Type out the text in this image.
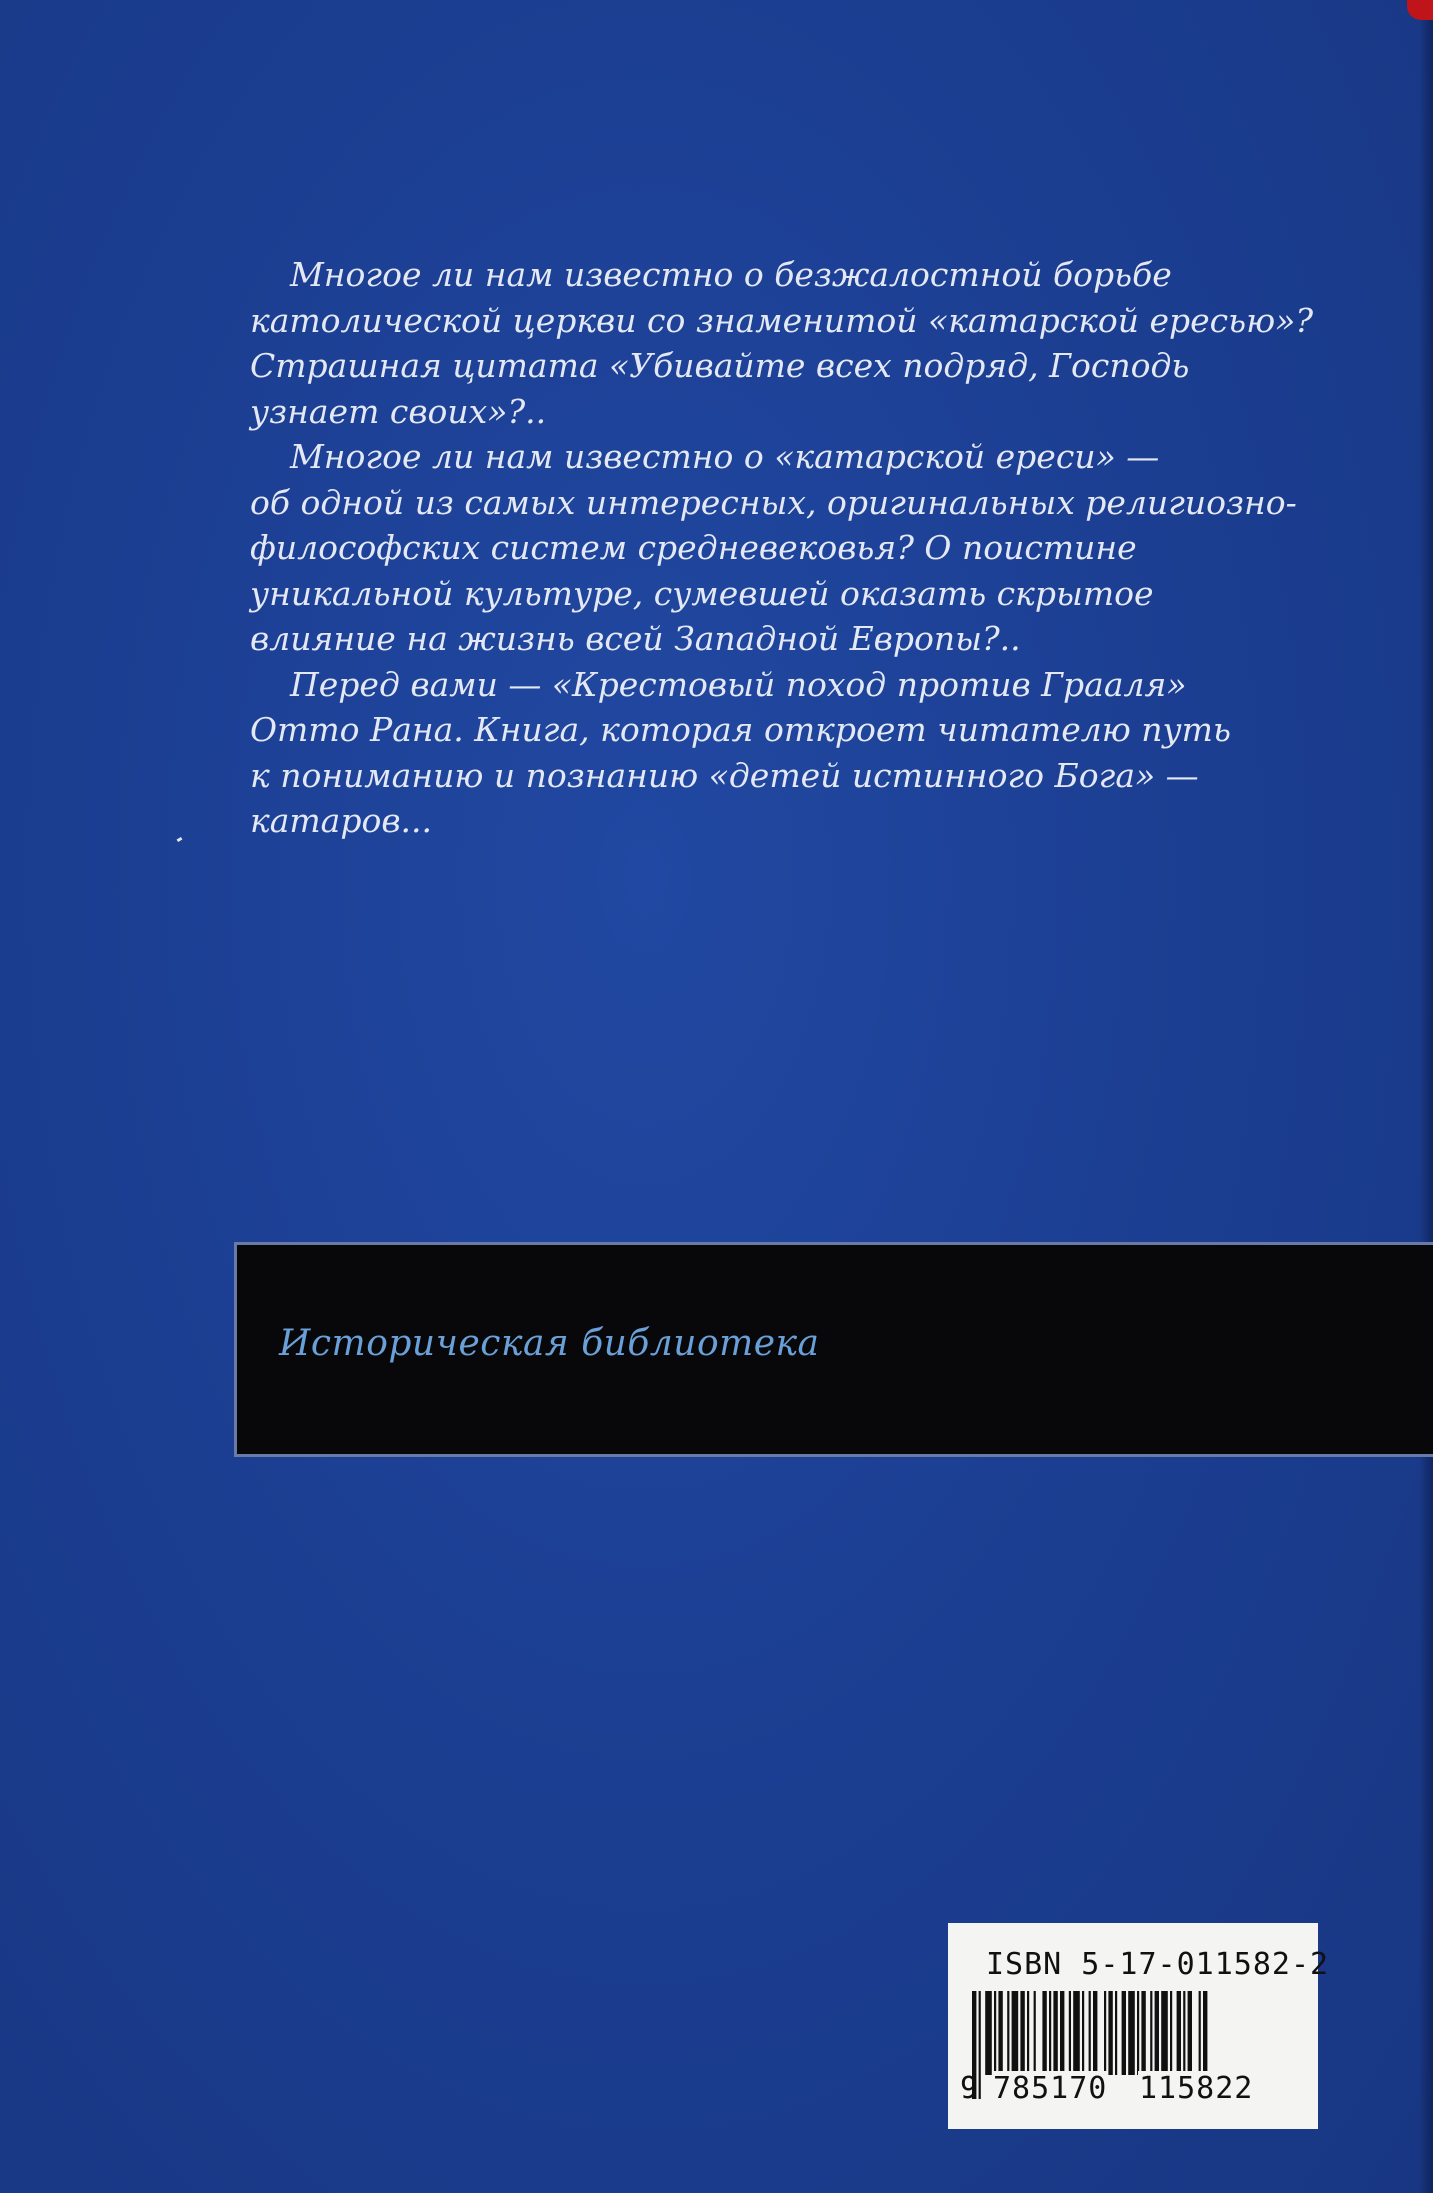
Многое ли нам известно о безжалостной борьбе
католической церкви со знаменитой «катарской ересью»?
Страшная цитата «Убивайте всех подряд, Господь
узнает своих»?..
Многое ли нам известно о «катарской ереси» —
об одной из самых интересных, оригинальных религиозно-
философских систем средневековья? О поистине
уникальной культуре, сумевшей оказать скрытое
влияние на жизнь всей Западной Европы?..
Перед вами — «Крестовый поход против Грааля»
Отто Рана. Книга, которая откроет читателю путь
к пониманию и познанию «детей истинного Бога» —
катаров...
Историческая библиотека
ISBN 5-17-011582-2
9 785170 115822
